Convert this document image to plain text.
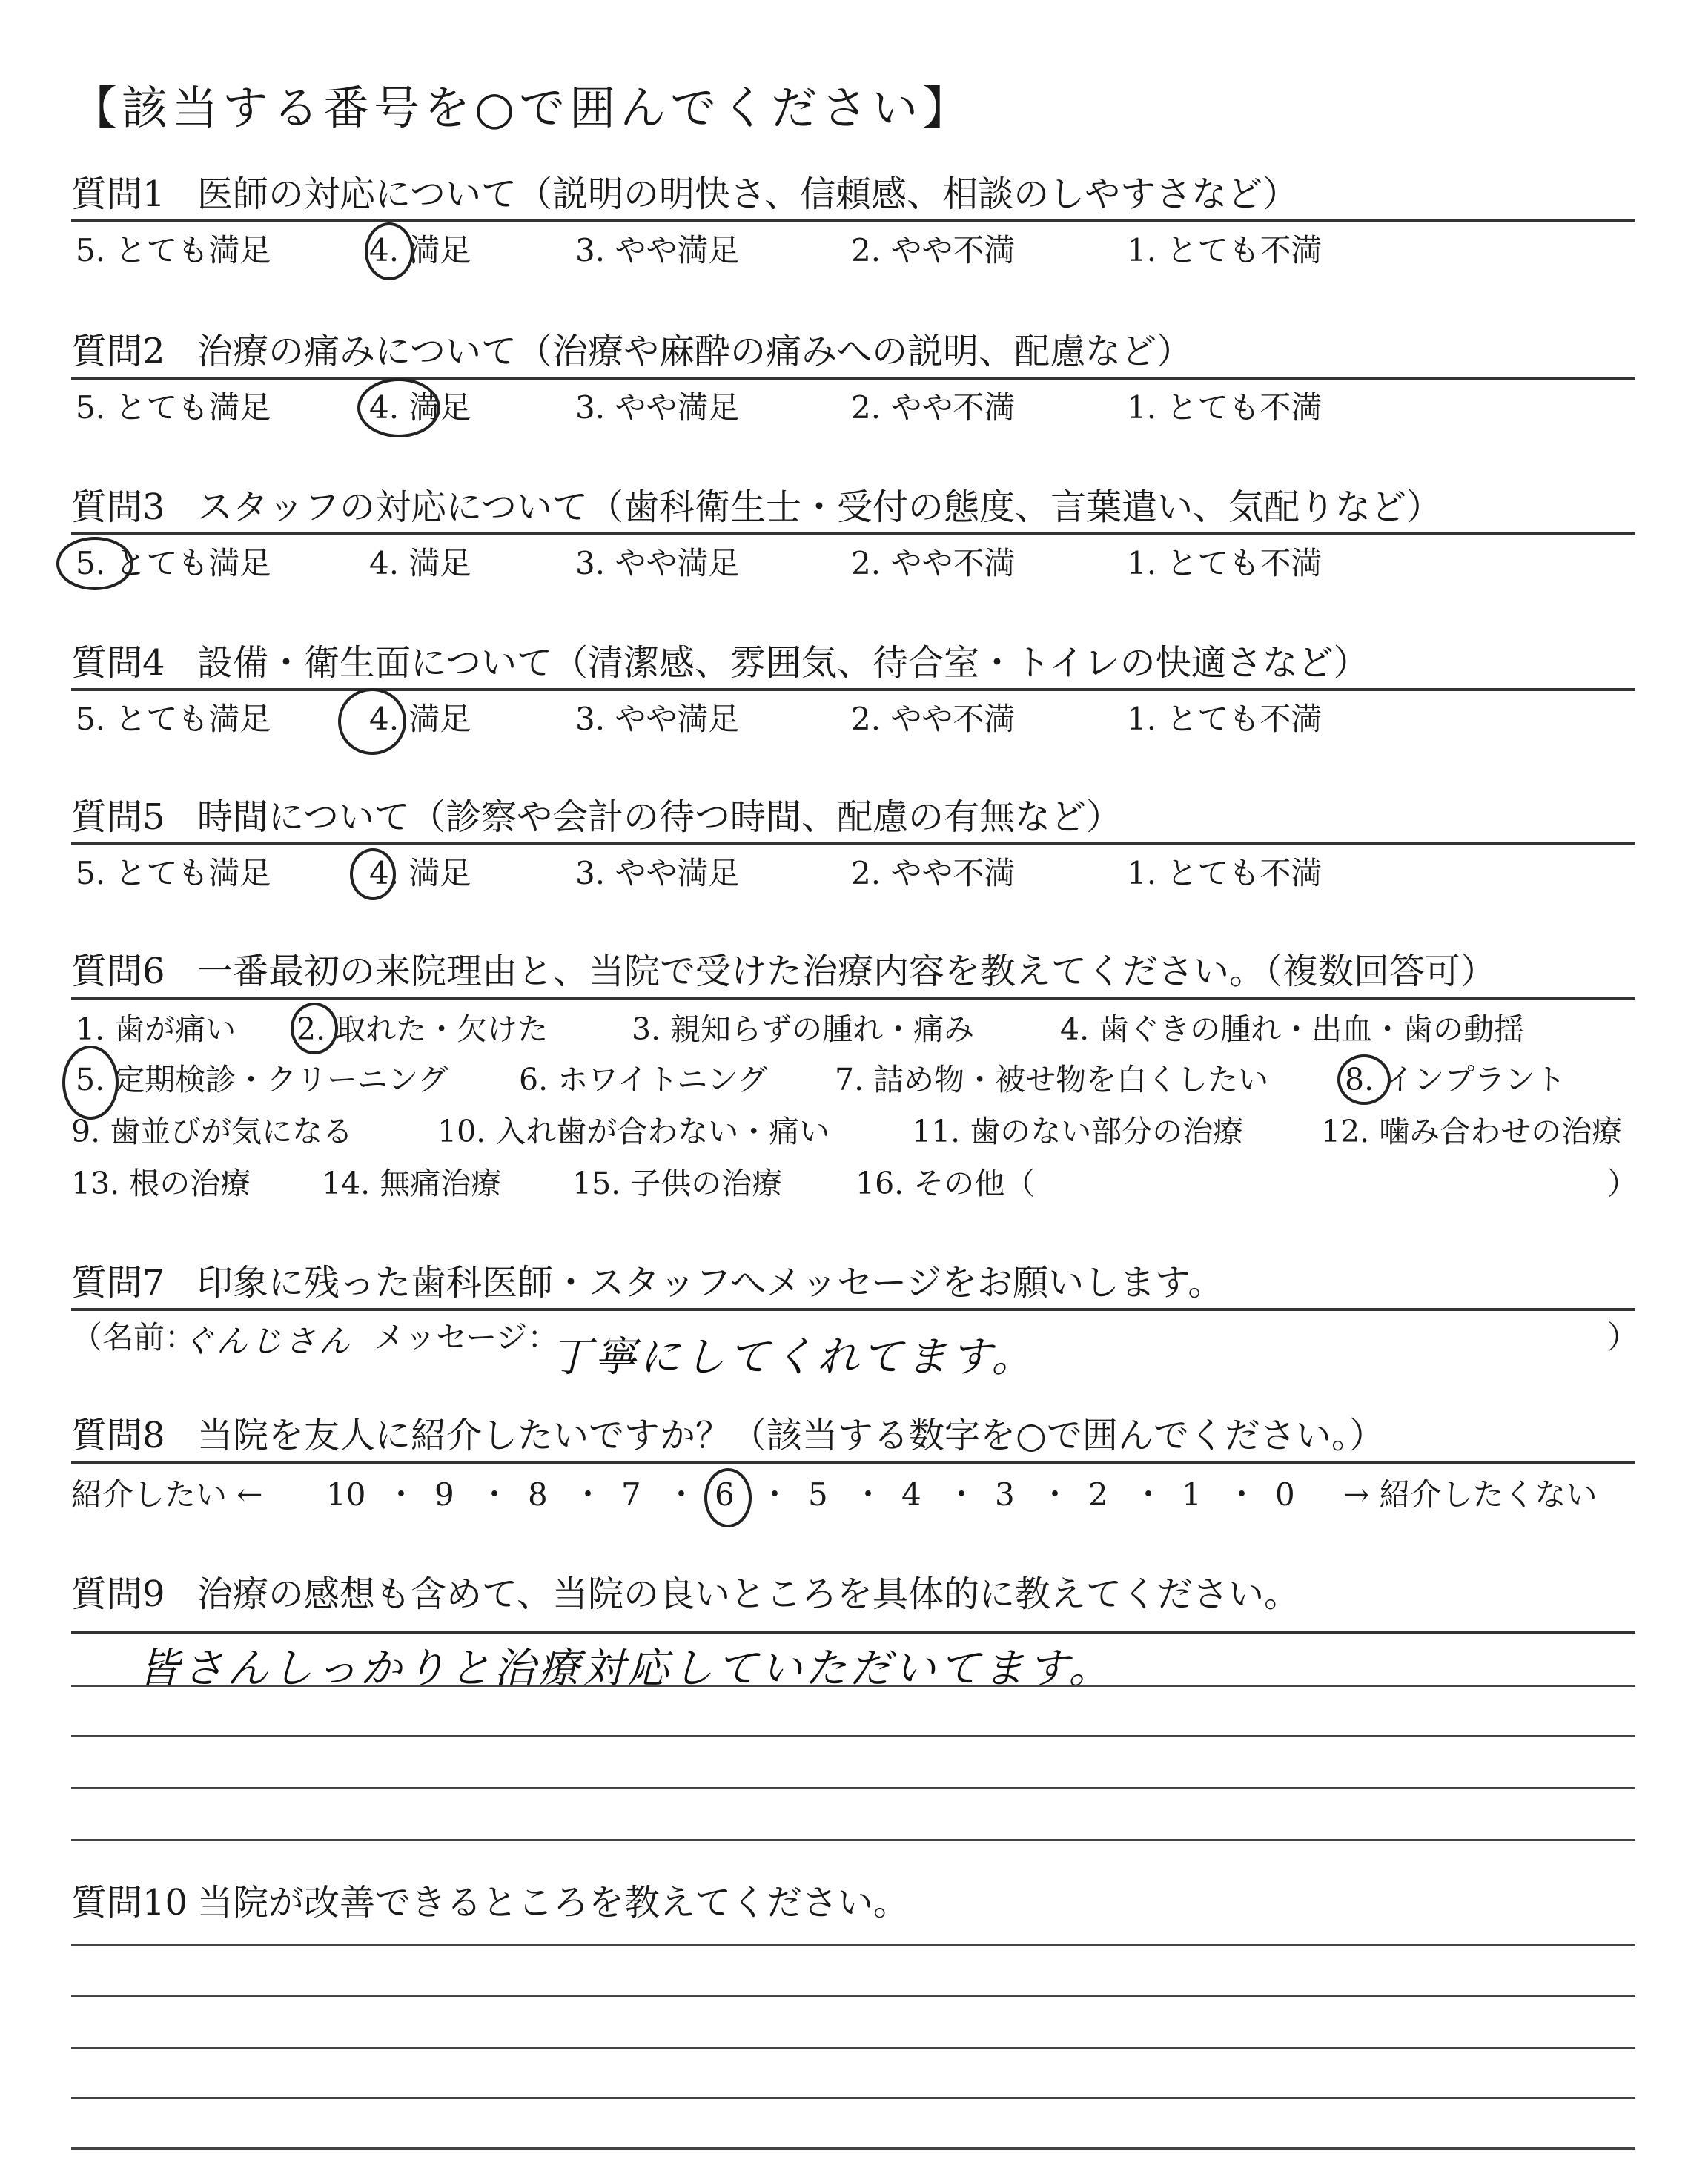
【該当する番号を○で囲んでください】
質問1 医師の対応について（説明の明快さ、信頼感、相談のしやすさなど）
5. とても満足	4. 満足	3. やや満足	2. やや不満	1. とても不満
質問2 治療の痛みについて（治療や麻酔の痛みへの説明、配慮など）
5. とても満足	4. 満足	3. やや満足	2. やや不満	1. とても不満
質問3 スタッフの対応について（歯科衛生士・受付の態度、言葉遣い、気配りなど）
5. とても満足	4. 満足	3. やや満足	2. やや不満	1. とても不満
質問4 設備・衛生面について（清潔感、雰囲気、待合室・トイレの快適さなど）
5. とても満足	4. 満足	3. やや満足	2. やや不満	1. とても不満
質問5 時間について（診察や会計の待つ時間、配慮の有無など）
5. とても満足	4. 満足	3. やや満足	2. やや不満	1. とても不満
質問6 一番最初の来院理由と、当院で受けた治療内容を教えてください。（複数回答可）
1. 歯が痛い 2. 取れた・欠けた	3. 親知らずの腫れ・痛み	4. 歯ぐきの腫れ・出血・歯の動揺
5. 定期検診・クリーニング 6. ホワイトニング 7. 詰め物・被せ物を白くしたい	8. インプラント
9. 歯並びが気になる	10. 入れ歯が合わない・痛い	11. 歯のない部分の治療	12. 噛み合わせの治療
13. 根の治療 14. 無痛治療 15. 子供の治療 16. その他（	）
質問7 印象に残った歯科医師・スタッフへメッセージをお願いします。
（名前：
ぐんじさん メッセージ：
丁寧にしてくれてます。	）
質問8 当院を友人に紹介したいですか？（該当する数字を○で囲んでください。）
紹介したい ← 10 ・ 9 ・ 8 ・ 7 ・ 6 ・ 5 ・ 4 ・ 3 ・ 2 ・ 1 ・ 0 → 紹介したくない
質問9 治療の感想も含めて、当院の良いところを具体的に教えてください。
皆さんしっかりと治療対応していただいてます。
質問10 当院が改善できるところを教えてください。
